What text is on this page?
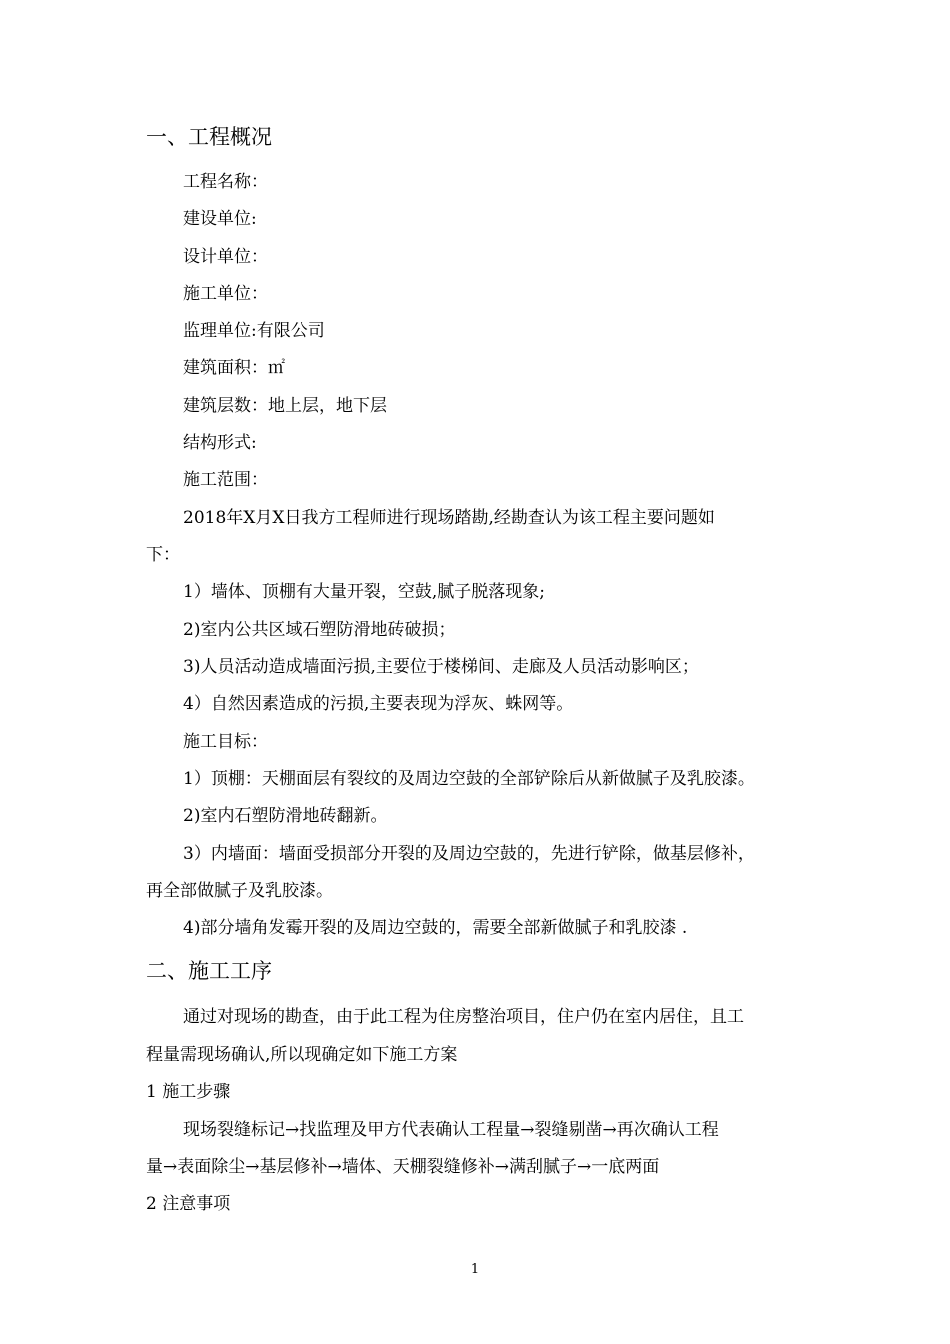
一、工程概况
工程名称：
建设单位:
设计单位：
施工单位：
监理单位:有限公司
建筑面积：㎡
建筑层数：地上层，地下层
结构形式:
施工范围：
2018年X月X日我方工程师进行现场踏勘,经勘查认为该工程主要问题如
下：
1）墙体、顶棚有大量开裂，空鼓,腻子脱落现象;
2)室内公共区域石塑防滑地砖破损；
3)人员活动造成墙面污损,主要位于楼梯间、走廊及人员活动影响区；
4）自然因素造成的污损,主要表现为浮灰、蛛网等。
施工目标：
1）顶棚：天棚面层有裂纹的及周边空鼓的全部铲除后从新做腻子及乳胶漆。
2)室内石塑防滑地砖翻新。
3）内墙面：墙面受损部分开裂的及周边空鼓的，先进行铲除，做基层修补，
再全部做腻子及乳胶漆。
4)部分墙角发霉开裂的及周边空鼓的，需要全部新做腻子和乳胶漆 .
二、施工工序
通过对现场的勘查，由于此工程为住房整治项目，住户仍在室内居住，且工
程量需现场确认,所以现确定如下施工方案
1 施工步骤
现场裂缝标记→找监理及甲方代表确认工程量→裂缝剔凿→再次确认工程
量→表面除尘→基层修补→墙体、天棚裂缝修补→满刮腻子→一底两面
2 注意事项
1
